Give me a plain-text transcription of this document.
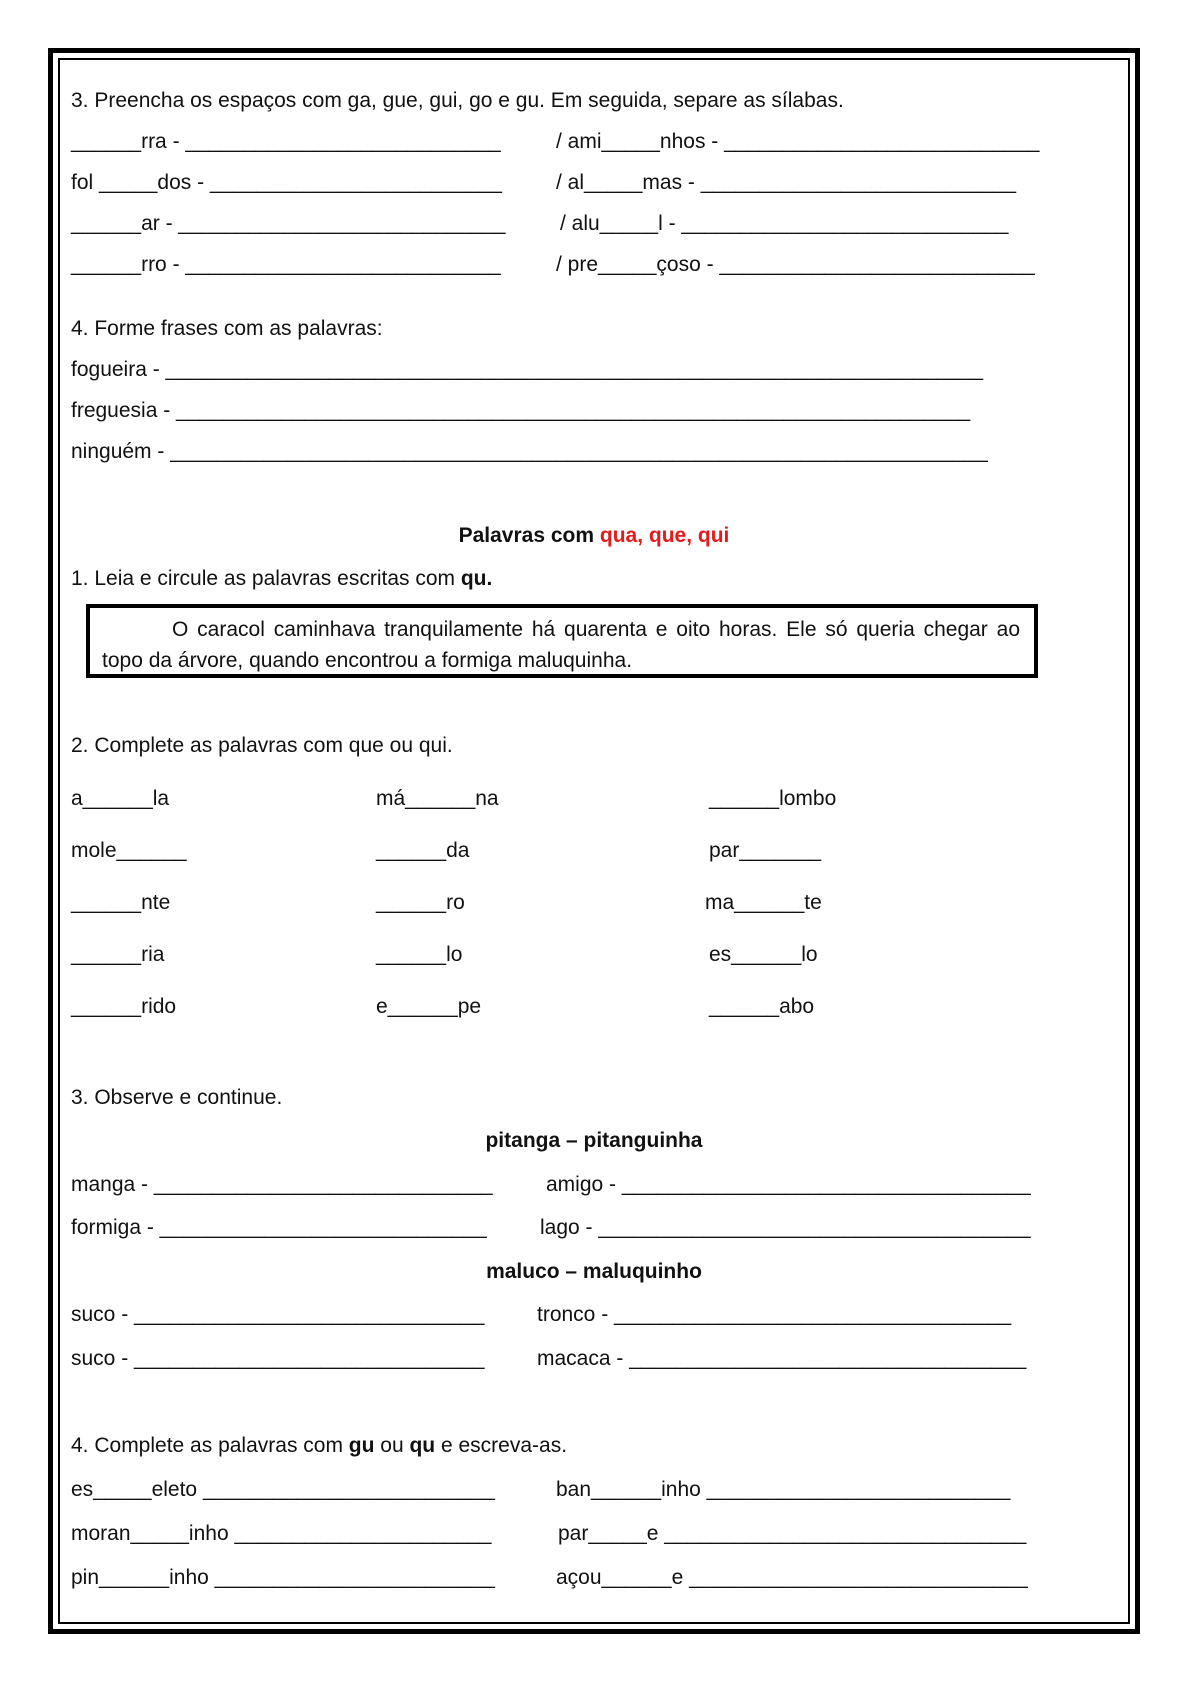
3. Preencha os espaços com ga, gue, gui, go e gu. Em seguida, separe as sílabas.
______rra - ___________________________	/ ami_____nhos - ___________________________
fol _____dos - _________________________	/ al_____mas - ___________________________
______ar - ____________________________	/ alu_____l - ____________________________
______rro - ___________________________	/ pre_____çoso - ___________________________
4. Forme frases com as palavras:
fogueira - ______________________________________________________________________
freguesia - ____________________________________________________________________
ninguém - ______________________________________________________________________
Palavras com qua, que, qui
1. Leia e circule as palavras escritas com qu.
O caracol caminhava tranquilamente há quarenta e oito horas. Ele só queria chegar ao topo da árvore, quando encontrou a formiga maluquinha.
2. Complete as palavras com que ou qui.
a______la	má______na	______lombo
mole______	______da	par_______
______nte	______ro	ma______te
______ria	______lo	es______lo
______rido	e______pe	______abo
3. Observe e continue.
pitanga – pitanguinha
manga - _____________________________	amigo - ___________________________________
formiga - ____________________________	lago - _____________________________________
maluco – maluquinho
suco - ______________________________	tronco - __________________________________
suco - ______________________________	macaca - __________________________________
4. Complete as palavras com gu ou qu e escreva-as.
es_____eleto _________________________	ban______inho __________________________
moran_____inho ______________________	par_____e _______________________________
pin______inho ________________________	açou______e _____________________________
